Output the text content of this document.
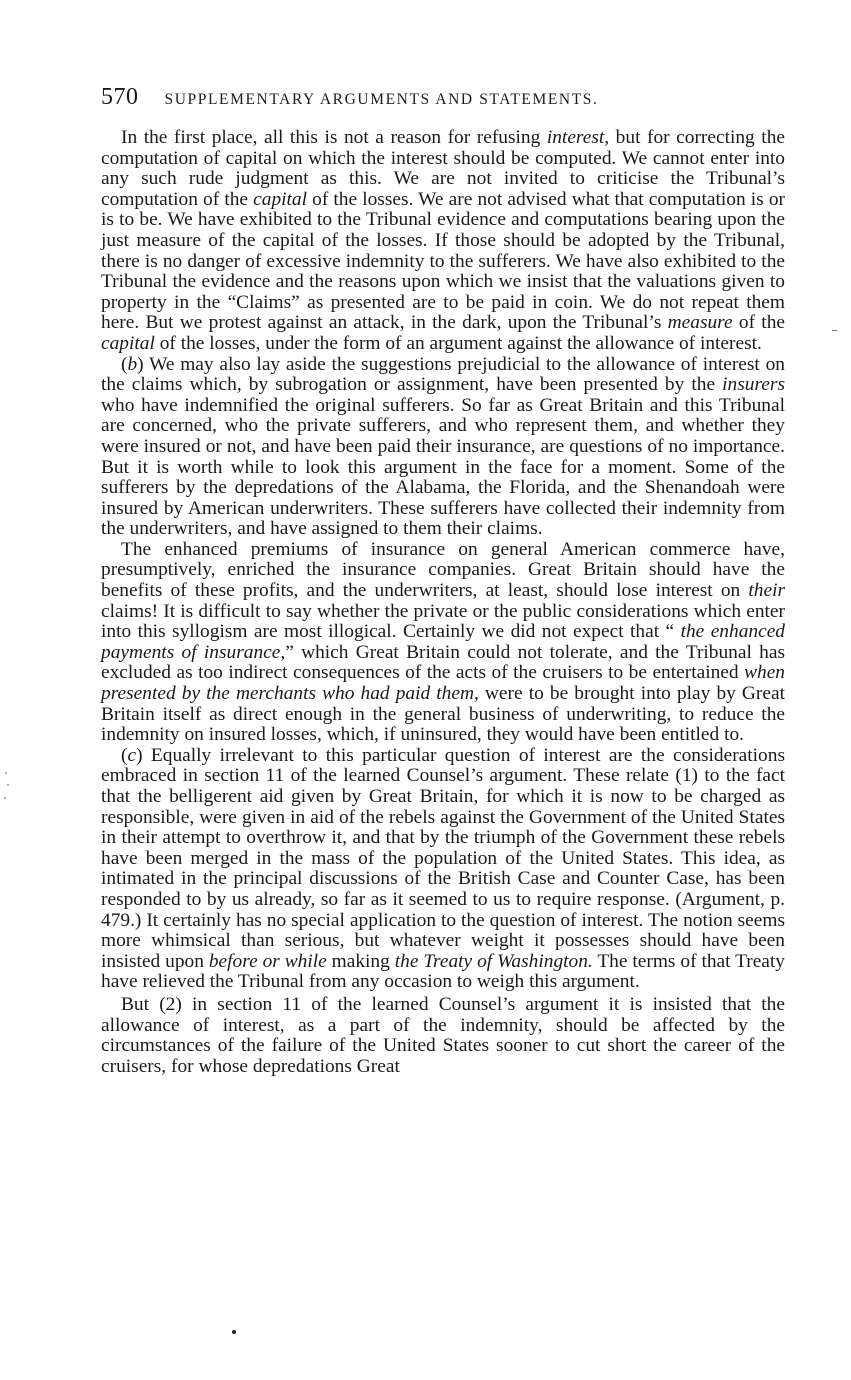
570 SUPPLEMENTARY ARGUMENTS AND STATEMENTS.

In the first place, all this is not a reason for refusing interest, but for correcting the computation of capital on which the interest should be computed. We cannot enter into any such rude judgment as this. We are not invited to criticise the Tribunal’s computation of the capital of the losses. We are not advised what that computation is or is to be. We have exhibited to the Tribunal evidence and computations bearing upon the just measure of the capital of the losses. If those should be adopted by the Tribunal, there is no danger of excessive indemnity to the sufferers. We have also exhibited to the Tribunal the evidence and the reasons upon which we insist that the valuations given to property in the “Claims” as presented are to be paid in coin. We do not repeat them here. But we protest against an attack, in the dark, upon the Tribunal’s measure of the capital of the losses, under the form of an argument against the allowance of interest.

(b) We may also lay aside the suggestions prejudicial to the allowance of interest on the claims which, by subrogation or assignment, have been presented by the insurers who have indemnified the original sufferers. So far as Great Britain and this Tribunal are concerned, who the private sufferers, and who represent them, and whether they were insured or not, and have been paid their insurance, are questions of no importance. But it is worth while to look this argument in the face for a moment. Some of the sufferers by the depredations of the Alabama, the Florida, and the Shenandoah were insured by American underwriters. These sufferers have collected their indemnity from the underwriters, and have assigned to them their claims.

The enhanced premiums of insurance on general American commerce have, presumptively, enriched the insurance companies. Great Britain should have the benefits of these profits, and the underwriters, at least, should lose interest on their claims! It is difficult to say whether the private or the public considerations which enter into this syllogism are most illogical. Certainly we did not expect that “ the enhanced payments of insurance,” which Great Britain could not tolerate, and the Tribunal has excluded as too indirect consequences of the acts of the cruisers to be entertained when presented by the merchants who had paid them, were to be brought into play by Great Britain itself as direct enough in the general business of underwriting, to reduce the indemnity on insured losses, which, if uninsured, they would have been entitled to.

(c) Equally irrelevant to this particular question of interest are the considerations embraced in section 11 of the learned Counsel’s argument. These relate (1) to the fact that the belligerent aid given by Great Britain, for which it is now to be charged as responsible, were given in aid of the rebels against the Government of the United States in their attempt to overthrow it, and that by the triumph of the Government these rebels have been merged in the mass of the population of the United States. This idea, as intimated in the principal discussions of the British Case and Counter Case, has been responded to by us already, so far as it seemed to us to require response. (Argument, p. 479.) It certainly has no special application to the question of interest. The notion seems more whimsical than serious, but whatever weight it possesses should have been insisted upon before or while making the Treaty of Washington. The terms of that Treaty have relieved the Tribunal from any occasion to weigh this argument.

But (2) in section 11 of the learned Counsel’s argument it is insisted that the allowance of interest, as a part of the indemnity, should be affected by the circumstances of the failure of the United States sooner to cut short the career of the cruisers, for whose depredations Great
